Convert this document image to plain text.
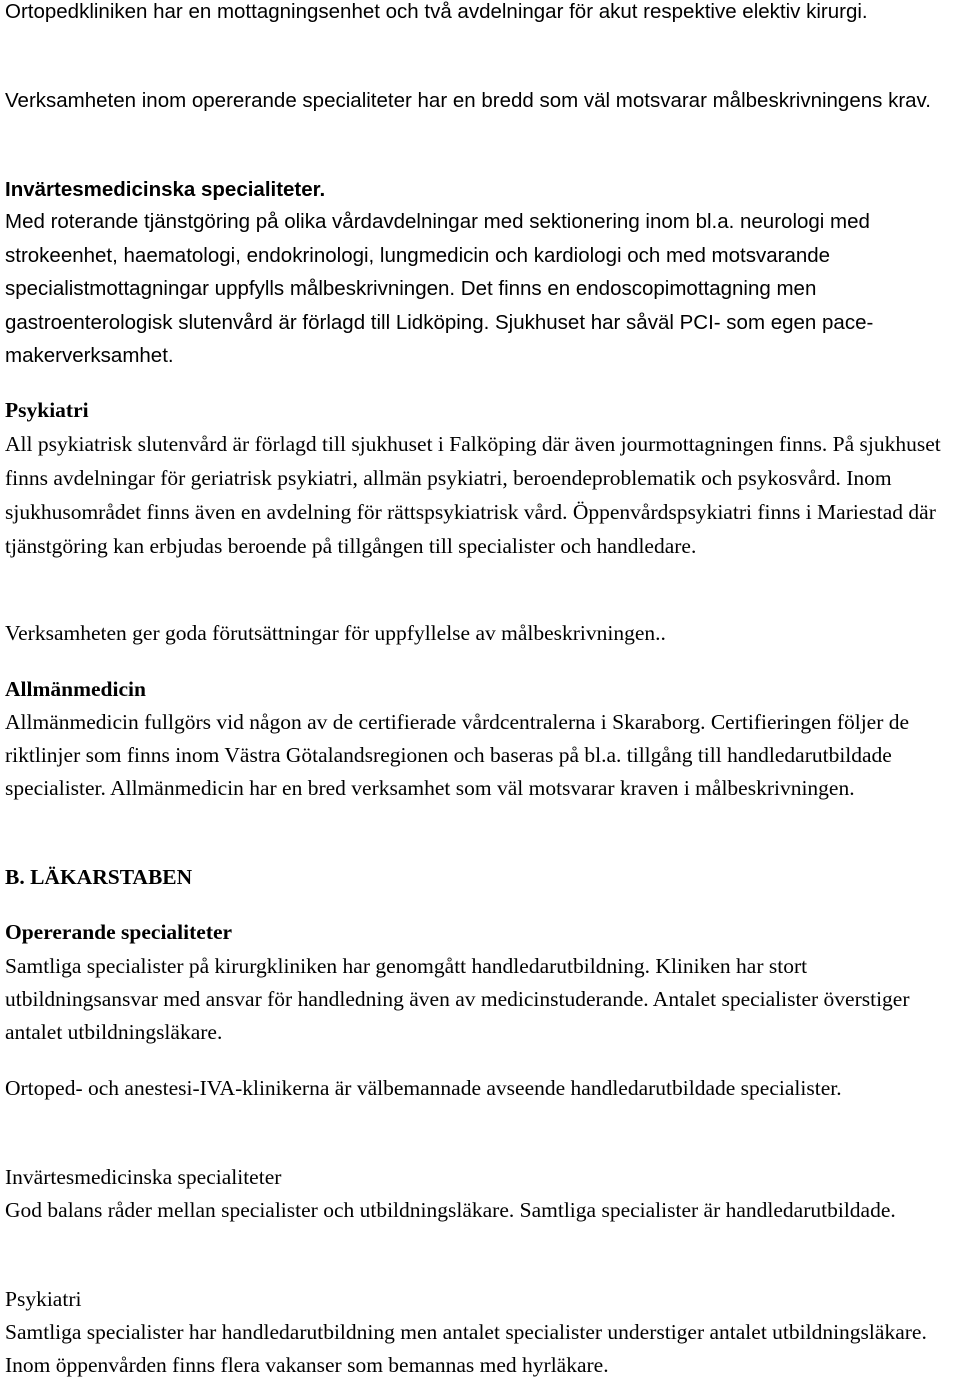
Ortopedkliniken har en mottagningsenhet och två avdelningar för akut respektive elektiv kirurgi.

Verksamheten inom opererande specialiteter har en bredd som väl motsvarar målbeskrivningens krav.

Invärtesmedicinska specialiteter.

Med roterande tjänstgöring på olika vårdavdelningar med sektionering inom bl.a. neurologi med strokeenhet, haematologi, endokrinologi, lungmedicin och kardiologi och med motsvarande specialistmottagningar uppfylls målbeskrivningen. Det finns en endoscopimottagning men gastroenterologisk slutenvård är förlagd till Lidköping. Sjukhuset har såväl PCI- som egen pace-makerverksamhet.

Psykiatri

All psykiatrisk slutenvård är förlagd till sjukhuset i Falköping där även jourmottagningen finns. På sjukhuset finns avdelningar för geriatrisk psykiatri, allmän psykiatri, beroendeproblematik och psykosvård. Inom sjukhusområdet finns även en avdelning för rättspsykiatrisk vård. Öppenvårdspsykiatri finns i Mariestad där tjänstgöring kan erbjudas beroende på tillgången till specialister och handledare.

Verksamheten ger goda förutsättningar för uppfyllelse av målbeskrivningen..

Allmänmedicin

Allmänmedicin fullgörs vid någon av de certifierade vårdcentralerna i Skaraborg. Certifieringen följer de riktlinjer som finns inom Västra Götalandsregionen och baseras på bl.a. tillgång till handledarutbildade specialister. Allmänmedicin har en bred verksamhet som väl motsvarar kraven i målbeskrivningen.

B. LÄKARSTABEN

Opererande specialiteter

Samtliga specialister på kirurgkliniken har genomgått handledarutbildning. Kliniken har stort utbildningsansvar med ansvar för handledning även av medicinstuderande. Antalet specialister överstiger antalet utbildningsläkare.

Ortoped- och anestesi-IVA-klinikerna är välbemannade avseende handledarutbildade specialister.

Invärtesmedicinska specialiteter

God balans råder mellan specialister och utbildningsläkare. Samtliga specialister är handledarutbildade.

Psykiatri

Samtliga specialister har handledarutbildning men antalet specialister understiger antalet utbildningsläkare. Inom öppenvården finns flera vakanser som bemannas med hyrläkare.
